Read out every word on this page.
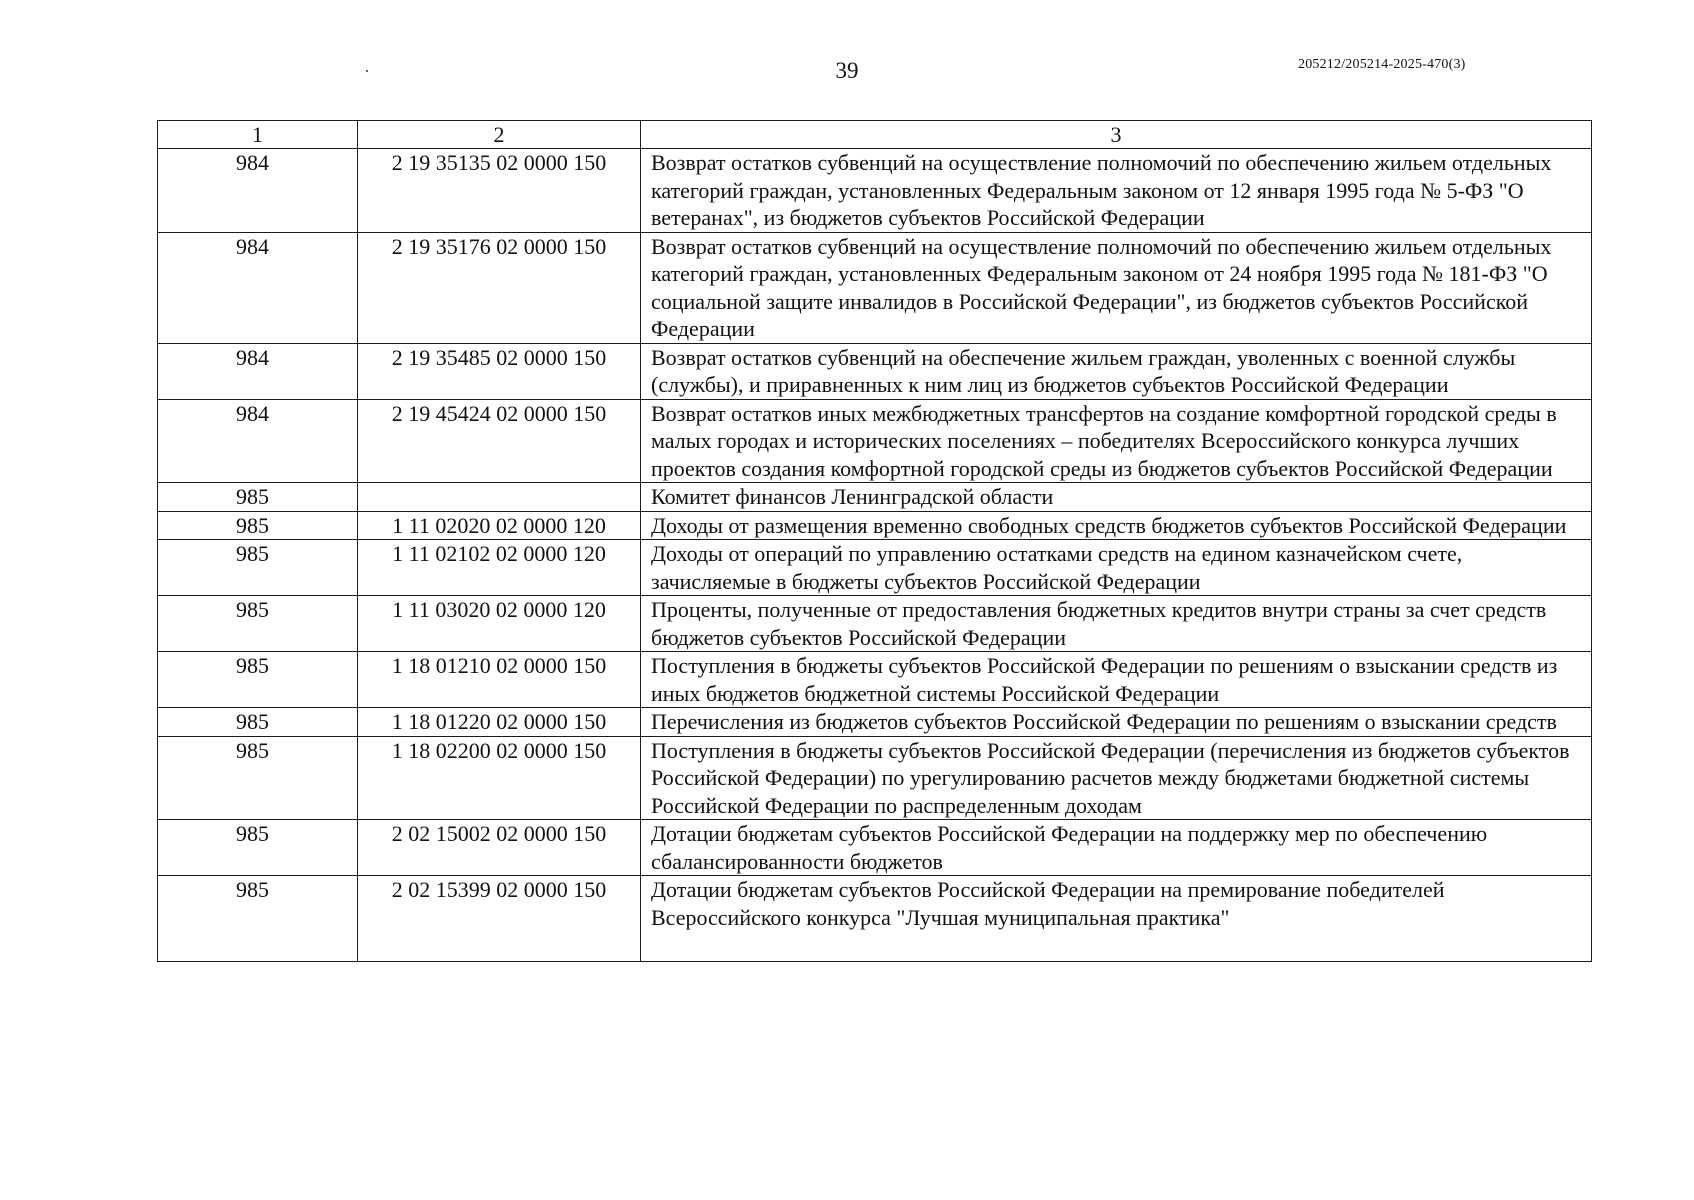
39	205212/205214-2025-470(3)
1	2	3
984	2 19 35135 02 0000 150	Возврат остатков субвенций на осуществление полномочий по обеспечению жильем отдельных категорий граждан, установленных Федеральным законом от 12 января 1995 года № 5-ФЗ "О ветеранах", из бюджетов субъектов Российской Федерации
984	2 19 35176 02 0000 150	Возврат остатков субвенций на осуществление полномочий по обеспечению жильем отдельных категорий граждан, установленных Федеральным законом от 24 ноября 1995 года № 181-ФЗ "О социальной защите инвалидов в Российской Федерации", из бюджетов субъектов Российской Федерации
984	2 19 35485 02 0000 150	Возврат остатков субвенций на обеспечение жильем граждан, уволенных с военной службы (службы), и приравненных к ним лиц из бюджетов субъектов Российской Федерации
984	2 19 45424 02 0000 150	Возврат остатков иных межбюджетных трансфертов на создание комфортной городской среды в малых городах и исторических поселениях – победителях Всероссийского конкурса лучших проектов создания комфортной городской среды из бюджетов субъектов Российской Федерации
985		Комитет финансов Ленинградской области
985	1 11 02020 02 0000 120	Доходы от размещения временно свободных средств бюджетов субъектов Российской Федерации
985	1 11 02102 02 0000 120	Доходы от операций по управлению остатками средств на едином казначейском счете, зачисляемые в бюджеты субъектов Российской Федерации
985	1 11 03020 02 0000 120	Проценты, полученные от предоставления бюджетных кредитов внутри страны за счет средств бюджетов субъектов Российской Федерации
985	1 18 01210 02 0000 150	Поступления в бюджеты субъектов Российской Федерации по решениям о взыскании средств из иных бюджетов бюджетной системы Российской Федерации
985	1 18 01220 02 0000 150	Перечисления из бюджетов субъектов Российской Федерации по решениям о взыскании средств
985	1 18 02200 02 0000 150	Поступления в бюджеты субъектов Российской Федерации (перечисления из бюджетов субъектов Российской Федерации) по урегулированию расчетов между бюджетами бюджетной системы Российской Федерации по распределенным доходам
985	2 02 15002 02 0000 150	Дотации бюджетам субъектов Российской Федерации на поддержку мер по обеспечению сбалансированности бюджетов
985	2 02 15399 02 0000 150	Дотации бюджетам субъектов Российской Федерации на премирование победителей Всероссийского конкурса "Лучшая муниципальная практика"
